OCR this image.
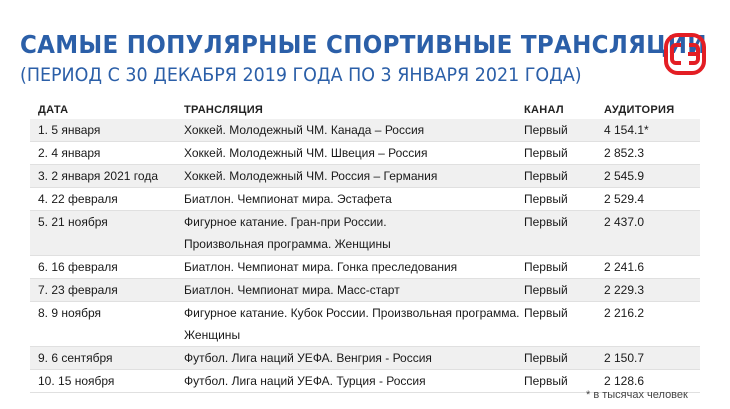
САМЫЕ ПОПУЛЯРНЫЕ СПОРТИВНЫЕ ТРАНСЛЯЦИИ
(ПЕРИОД С 30 ДЕКАБРЯ 2019 ГОДА ПО 3 ЯНВАРЯ 2021 ГОДА)
ДАТА	ТРАНСЛЯЦИЯ	КАНАЛ	АУДИТОРИЯ
1. 5 января	Хоккей. Молодежный ЧМ. Канада – Россия	Первый	4 154.1*
2. 4 января	Хоккей. Молодежный ЧМ. Швеция – Россия	Первый	2 852.3
3. 2 января 2021 года	Хоккей. Молодежный ЧМ. Россия – Германия	Первый	2 545.9
4. 22 февраля	Биатлон. Чемпионат мира. Эстафета	Первый	2 529.4
5. 21 ноября	Фигурное катание. Гран-при России.
Произвольная программа. Женщины	Первый	2 437.0
6. 16 февраля	Биатлон. Чемпионат мира. Гонка преследования	Первый	2 241.6
7. 23 февраля	Биатлон. Чемпионат мира. Масс-старт	Первый	2 229.3
8. 9 ноября	Фигурное катание. Кубок России. Произвольная программа.
Женщины	Первый	2 216.2
9. 6 сентября	Футбол. Лига наций УЕФА. Венгрия - Россия	Первый	2 150.7
10. 15 ноября	Футбол. Лига наций УЕФА. Турция - Россия	Первый	2 128.6
* в тысячах человек
